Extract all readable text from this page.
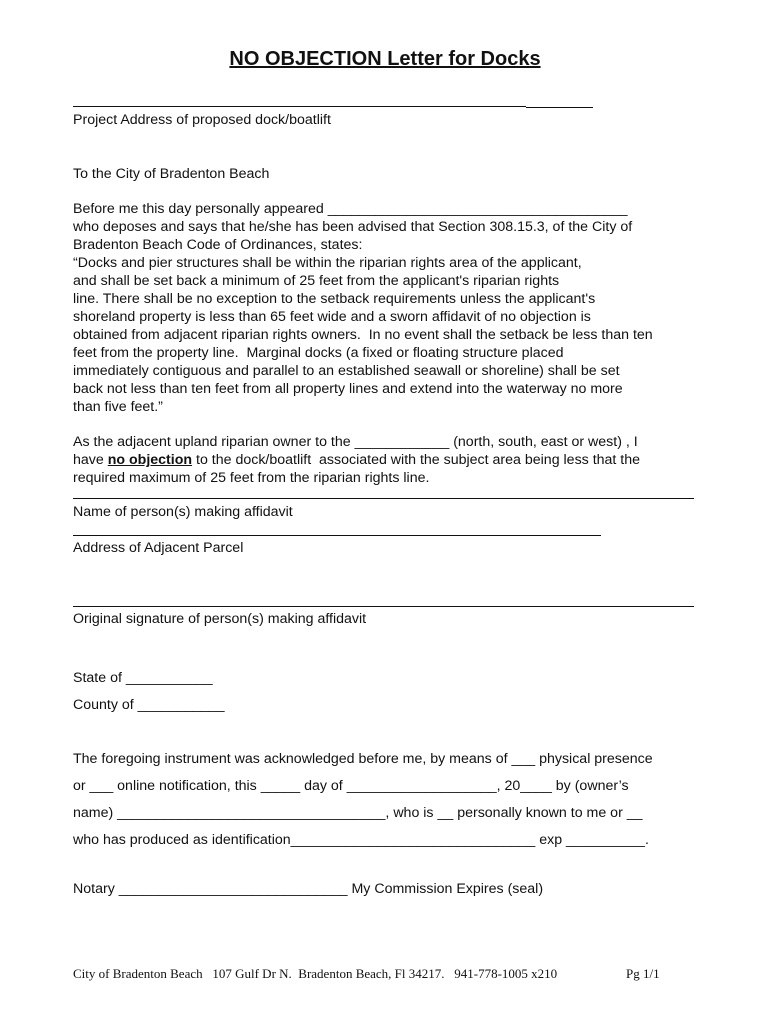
NO OBJECTION Letter for Docks
Project Address of proposed dock/boatlift
To the City of Bradenton Beach
Before me this day personally appeared ______________________________________
who deposes and says that he/she has been advised that Section 308.15.3, of the City of
Bradenton Beach Code of Ordinances, states:
“Docks and pier structures shall be within the riparian rights area of the applicant,
and shall be set back a minimum of 25 feet from the applicant's riparian rights
line. There shall be no exception to the setback requirements unless the applicant's
shoreland property is less than 65 feet wide and a sworn affidavit of no objection is
obtained from adjacent riparian rights owners.  In no event shall the setback be less than ten
feet from the property line.  Marginal docks (a fixed or floating structure placed
immediately contiguous and parallel to an established seawall or shoreline) shall be set
back not less than ten feet from all property lines and extend into the waterway no more
than five feet.”
As the adjacent upland riparian owner to the ____________ (north, south, east or west) , I
have no objection to the dock/boatlift  associated with the subject area being less that the
required maximum of 25 feet from the riparian rights line.
Name of person(s) making affidavit
Address of Adjacent Parcel
Original signature of person(s) making affidavit
State of ___________
County of ___________
The foregoing instrument was acknowledged before me, by means of ___ physical presence
or ___ online notification, this _____ day of ___________________, 20____ by (owner’s
name) __________________________________, who is __ personally known to me or __
who has produced as identification_______________________________ exp __________.
Notary _____________________________ My Commission Expires (seal)
City of Bradenton Beach   107 Gulf Dr N.  Bradenton Beach, Fl 34217.   941-778-1005 x210	Pg 1/1
